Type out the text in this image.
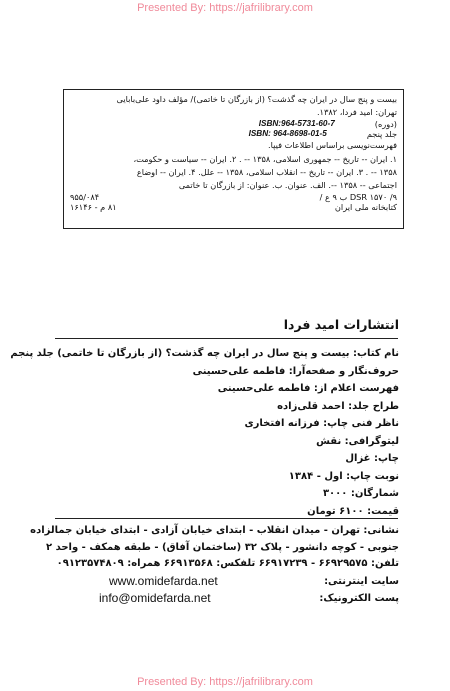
Presented By: https://jafrilibrary.com
بیست و پنج سال در ایران چه گذشت؟ (از بازرگان تا خاتمی)/ مؤلف داود علی‌بابایی
تهران: امید فردا، ۱۳۸۲.
(دوره)
ISBN:964-5731-60-7
جلد پنجم
ISBN: 964-8698-01-5
فهرست‌نویسی براساس اطلاعات فیپا.
۱. ایران -- تاریخ -- جمهوری اسلامی، ۱۳۵۸ -- . ۲. ایران -- سیاست و حکومت،
۱۳۵۸ -- . ۳. ایران -- تاریخ -- انقلاب اسلامی، ۱۳۵۸ -- علل. ۴. ایران -- اوضاع
اجتماعی -- ۱۳۵۸ --. الف. عنوان. ب. عنوان: از بازرگان تا خاتمی
DSR ۱۵۷۰ /۹ ب ۹ ع /
۹۵۵/۰۸۴
کتابخانه ملی ایران
۸۱ م - ۱۶۱۴۶
انتشارات امید فردا
نام کتاب: بیست و پنج سال در ایران چه گذشت؟ (از بازرگان تا خاتمی) جلد پنجم
حروف‌نگار و صفحه‌آرا: فاطمه علی‌حسینی
فهرست اعلام از: فاطمه علی‌حسینی
طراح جلد: احمد قلی‌زاده
ناظر فنی چاپ: فرزانه افتخاری
لیتوگرافی: نقش
چاپ: غزال
نوبت چاپ: اول - ۱۳۸۴
شمارگان: ۳۰۰۰
قیمت: ۶۱۰۰ تومان
نشانی: تهران - میدان انقلاب - ابتدای خیابان آزادی - ابتدای خیابان جمالزاده
جنوبی - کوچه دانشور - پلاک ۳۲ (ساختمان آفاق) - طبقه همکف - واحد ۲
تلفن: ۶۶۹۲۹۵۷۵ - ۶۶۹۱۷۲۳۹ تلفکس: ۶۶۹۱۳۵۶۸ همراه: ۰۹۱۲۳۵۷۴۸۰۹
سایت اینترنتی:
www.omidefarda.net
پست الکترونیک:
info@omidefarda.net
Presented By: https://jafrilibrary.com
